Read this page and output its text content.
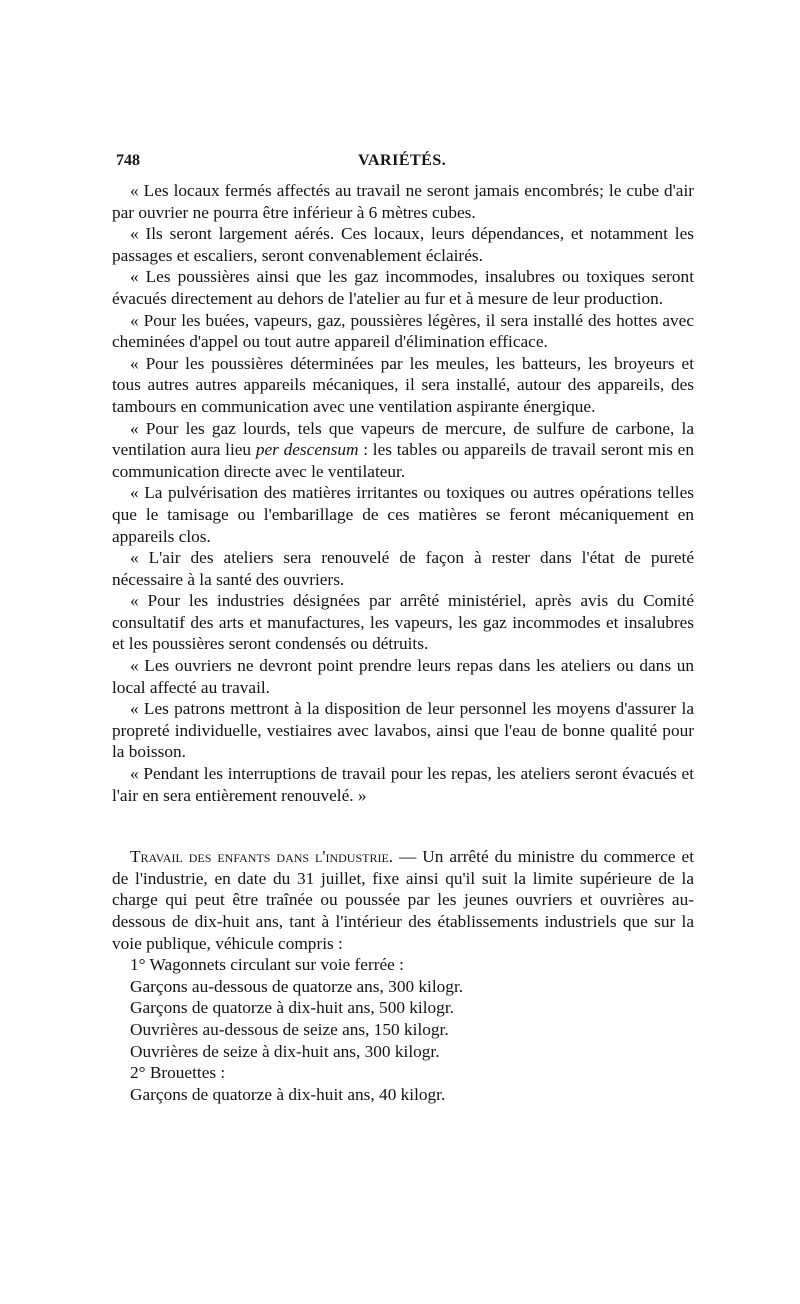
748	VARIÉTÉS.

« Les locaux fermés affectés au travail ne seront jamais encombrés; le cube d'air par ouvrier ne pourra être inférieur à 6 mètres cubes.

« Ils seront largement aérés. Ces locaux, leurs dépendances, et notamment les passages et escaliers, seront convenablement éclairés.

« Les poussières ainsi que les gaz incommodes, insalubres ou toxiques seront évacués directement au dehors de l'atelier au fur et à mesure de leur production.

« Pour les buées, vapeurs, gaz, poussières légères, il sera installé des hottes avec cheminées d'appel ou tout autre appareil d'élimination efficace.

« Pour les poussières déterminées par les meules, les batteurs, les broyeurs et tous autres autres appareils mécaniques, il sera installé, autour des appareils, des tambours en communication avec une ventilation aspirante énergique.

« Pour les gaz lourds, tels que vapeurs de mercure, de sulfure de carbone, la ventilation aura lieu per descensum : les tables ou appareils de travail seront mis en communication directe avec le ventilateur.

« La pulvérisation des matières irritantes ou toxiques ou autres opérations telles que le tamisage ou l'embarillage de ces matières se feront mécaniquement en appareils clos.

« L'air des ateliers sera renouvelé de façon à rester dans l'état de pureté nécessaire à la santé des ouvriers.

« Pour les industries désignées par arrêté ministériel, après avis du Comité consultatif des arts et manufactures, les vapeurs, les gaz incommodes et insalubres et les poussières seront condensés ou détruits.

« Les ouvriers ne devront point prendre leurs repas dans les ateliers ou dans un local affecté au travail.

« Les patrons mettront à la disposition de leur personnel les moyens d'assurer la propreté individuelle, vestiaires avec lavabos, ainsi que l'eau de bonne qualité pour la boisson.

« Pendant les interruptions de travail pour les repas, les ateliers seront évacués et l'air en sera entièrement renouvelé. »

Travail des enfants dans l'industrie. — Un arrêté du ministre du commerce et de l'industrie, en date du 31 juillet, fixe ainsi qu'il suit la limite supérieure de la charge qui peut être traînée ou poussée par les jeunes ouvriers et ouvrières au-dessous de dix-huit ans, tant à l'intérieur des établissements industriels que sur la voie publique, véhicule compris :

1° Wagonnets circulant sur voie ferrée :

Garçons au-dessous de quatorze ans, 300 kilogr.

Garçons de quatorze à dix-huit ans, 500 kilogr.

Ouvrières au-dessous de seize ans, 150 kilogr.

Ouvrières de seize à dix-huit ans, 300 kilogr.

2° Brouettes :

Garçons de quatorze à dix-huit ans, 40 kilogr.
